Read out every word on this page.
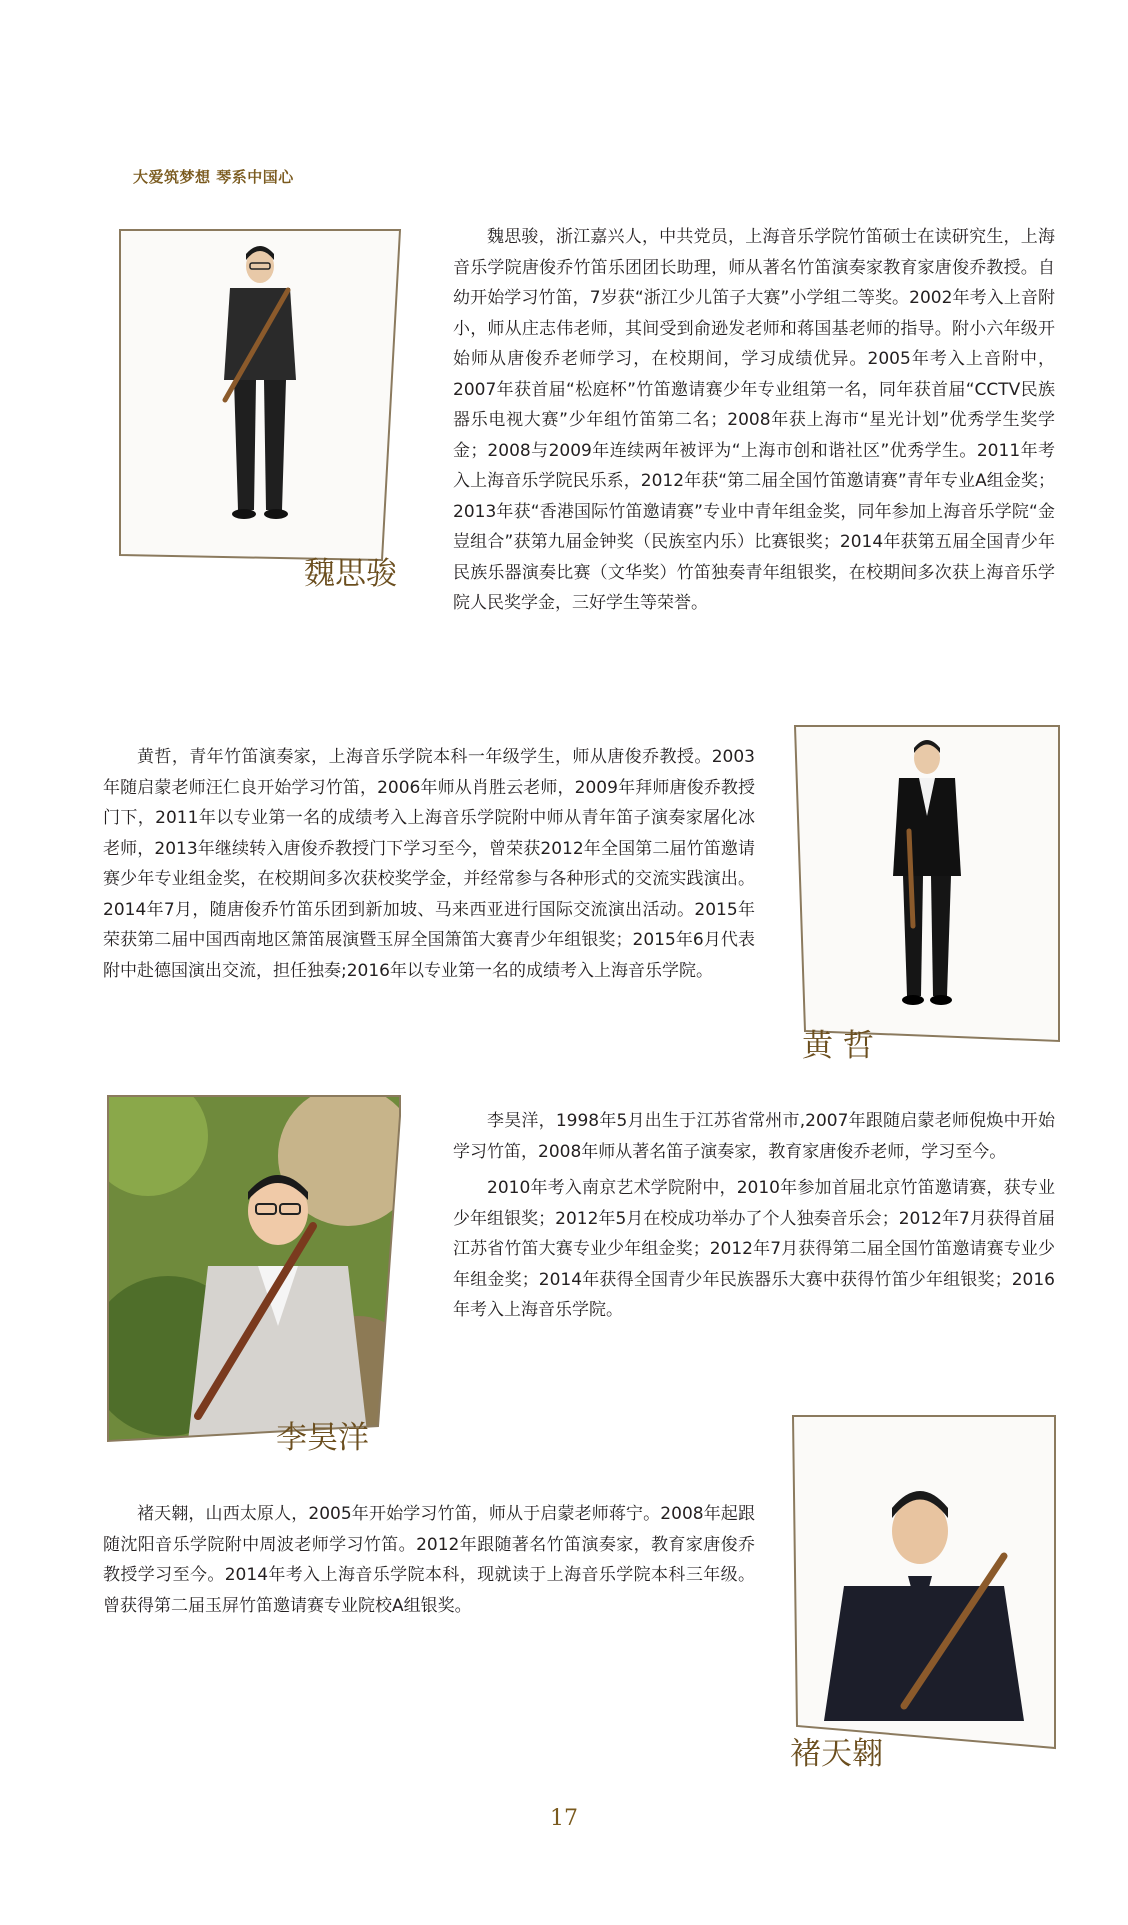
大爱筑梦想 琴系中国心
魏思骏

魏思骏，浙江嘉兴人，中共党员，上海音乐学院竹笛硕士在读研究生，上海音乐学院唐俊乔竹笛乐团团长助理，师从著名竹笛演奏家教育家唐俊乔教授。自幼开始学习竹笛，7岁获“浙江少儿笛子大赛”小学组二等奖。2002年考入上音附小，师从庄志伟老师，其间受到俞逊发老师和蒋国基老师的指导。附小六年级开始师从唐俊乔老师学习，在校期间，学习成绩优异。2005年考入上音附中，2007年获首届“松庭杯”竹笛邀请赛少年专业组第一名，同年获首届“CCTV民族器乐电视大赛”少年组竹笛第二名；2008年获上海市“星光计划”优秀学生奖学金；2008与2009年连续两年被评为“上海市创和谐社区”优秀学生。2011年考入上海音乐学院民乐系，2012年获“第二届全国竹笛邀请赛”青年专业A组金奖；2013年获“香港国际竹笛邀请赛”专业中青年组金奖，同年参加上海音乐学院“金豈组合”获第九届金钟奖（民族室内乐）比赛银奖；2014年获第五届全国青少年民族乐器演奏比赛（文华奖）竹笛独奏青年组银奖，在校期间多次获上海音乐学院人民奖学金，三好学生等荣誉。

黄哲，青年竹笛演奏家，上海音乐学院本科一年级学生，师从唐俊乔教授。2003年随启蒙老师汪仁良开始学习竹笛，2006年师从肖胜云老师，2009年拜师唐俊乔教授门下，2011年以专业第一名的成绩考入上海音乐学院附中师从青年笛子演奏家屠化冰老师，2013年继续转入唐俊乔教授门下学习至今，曾荣获2012年全国第二届竹笛邀请赛少年专业组金奖，在校期间多次获校奖学金，并经常参与各种形式的交流实践演出。2014年7月，随唐俊乔竹笛乐团到新加坡、马来西亚进行国际交流演出活动。2015年荣获第二届中国西南地区箫笛展演暨玉屏全国箫笛大赛青少年组银奖；2015年6月代表附中赴德国演出交流，担任独奏;2016年以专业第一名的成绩考入上海音乐学院。

黄 哲
李昊洋

李昊洋，1998年5月出生于江苏省常州市,2007年跟随启蒙老师倪焕中开始学习竹笛，2008年师从著名笛子演奏家，教育家唐俊乔老师，学习至今。

2010年考入南京艺术学院附中，2010年参加首届北京竹笛邀请赛，获专业少年组银奖；2012年5月在校成功举办了个人独奏音乐会；2012年7月获得首届江苏省竹笛大赛专业少年组金奖；2012年7月获得第二届全国竹笛邀请赛专业少年组金奖；2014年获得全国青少年民族器乐大赛中获得竹笛少年组银奖；2016年考入上海音乐学院。

褚天翱，山西太原人，2005年开始学习竹笛，师从于启蒙老师蒋宁。2008年起跟随沈阳音乐学院附中周波老师学习竹笛。2012年跟随著名竹笛演奏家，教育家唐俊乔教授学习至今。2014年考入上海音乐学院本科，现就读于上海音乐学院本科三年级。曾获得第二届玉屏竹笛邀请赛专业院校A组银奖。

褚天翱
17
